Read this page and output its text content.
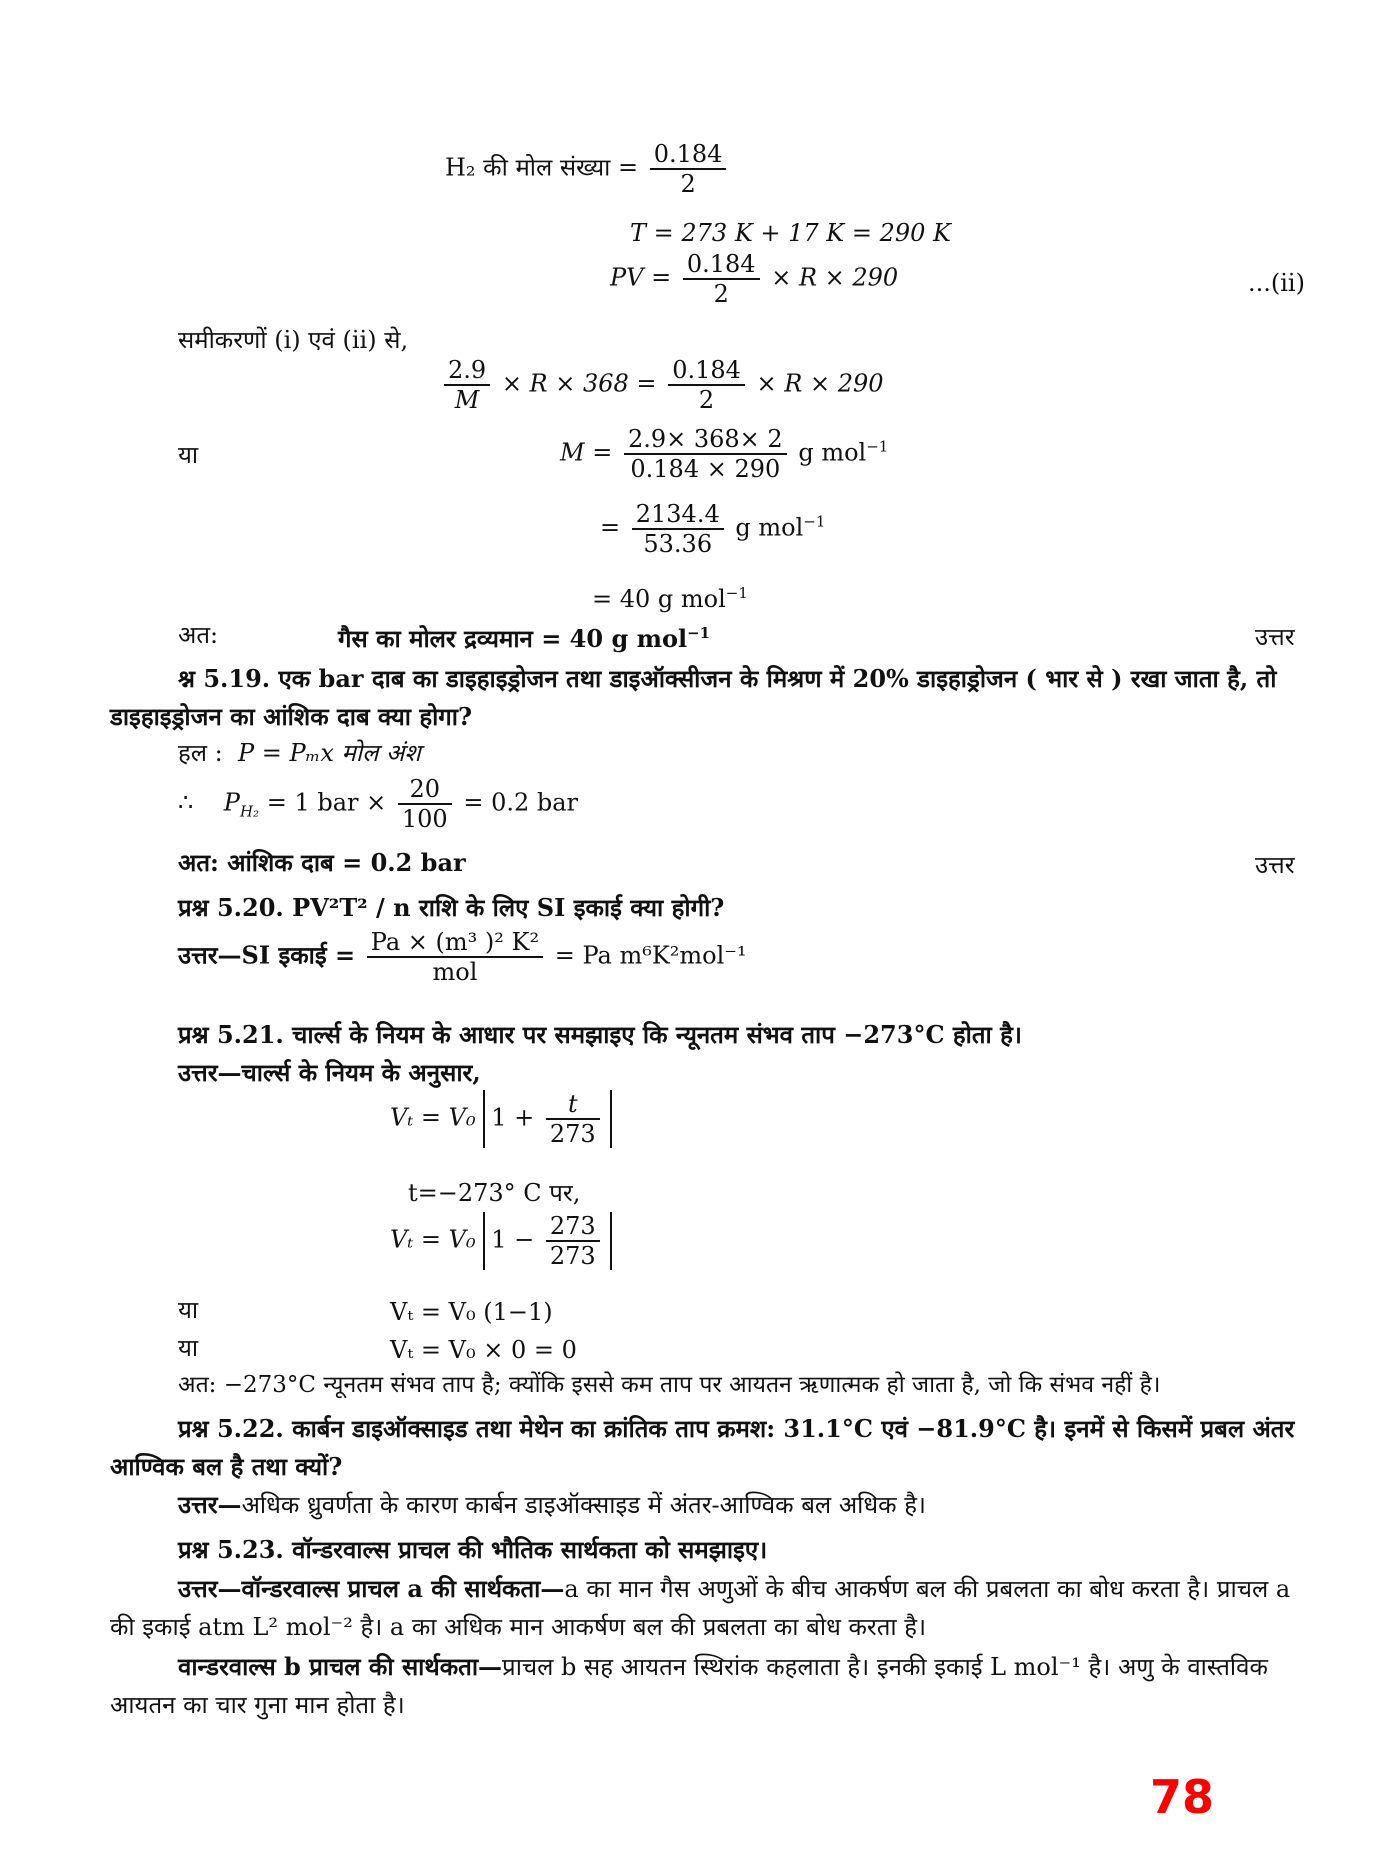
H₂ की मोल संख्या = $\frac{0.184}{2}$
T = 273 K + 17 K = 290 K
PV = $\frac{0.184}{2} \times R \times 290$	...(ii)
समीकरणों (i) एवं (ii) से,
$\frac{2.9}{M} \times R \times 368 = \frac{0.184}{2} \times R \times 290$
या	$M = \frac{2.9\times 368\times 2}{0.184 \times 290}$ g mol$^{-1}$
= $\frac{2134.4}{53.36}$ g mol$^{-1}$
= 40 g mol$^{-1}$
अत:	गैस का मोलर द्रव्यमान = 40 g mol$^{-1}$	उत्तर
श्न 5.19. एक bar दाब का डाइहाइड्रोजन तथा डाइऑक्सीजन के मिश्रण में 20% डाइहाड्रोजन ( भार से ) रखा जाता है, तो डाइहाइड्रोजन का आंशिक दाब क्या होगा?
हल : P = Pₘx मोल अंश
∴ $P_{H_2} = 1$ bar × $\frac{20}{100} = 0.2$ bar
अत: आंशिक दाब = 0.2 bar	उत्तर
प्रश्न 5.20. PV²T² / n राशि के लिए SI इकाई क्या होगी?
उत्तर—SI इकाई = $\frac{\text{Pa × (m³ )² K²}}{\text{mol}} = Pa$ m⁶K²mol⁻¹
प्रश्न 5.21. चार्ल्स के नियम के आधार पर समझाइए कि न्यूनतम संभव ताप −273°C होता है।
उत्तर—चार्ल्स के नियम के अनुसार,
Vₜ = V₀ $1 + \frac{t}{273}$
t=−273° C पर,
Vₜ = V₀ $1 - \frac{273}{273}$
या	Vₜ = V₀ (1−1)
या	Vₜ = V₀ × 0 = 0
अत: −273°C न्यूनतम संभव ताप है; क्योंकि इससे कम ताप पर आयतन ऋणात्मक हो जाता है, जो कि संभव नहीं है।
प्रश्न 5.22. कार्बन डाइऑक्साइड तथा मेथेन का क्रांतिक ताप क्रमश: 31.1°C एवं −81.9°C है। इनमें से किसमें प्रबल अंतर आण्विक बल है तथा क्यों?
उत्तर—अधिक ध्रुवर्णता के कारण कार्बन डाइऑक्साइड में अंतर-आण्विक बल अधिक है।
प्रश्न 5.23. वॉन्डरवाल्स प्राचल की भौतिक सार्थकता को समझाइए।
उत्तर—वॉन्डरवाल्स प्राचल a की सार्थकता—a का मान गैस अणुओं के बीच आकर्षण बल की प्रबलता का बोध करता है। प्राचल a की इकाई atm L² mol⁻² है। a का अधिक मान आकर्षण बल की प्रबलता का बोध करता है।
वान्डरवाल्स b प्राचल की सार्थकता—प्राचल b सह आयतन स्थिरांक कहलाता है। इनकी इकाई L mol⁻¹ है। अणु के वास्तविक आयतन का चार गुना मान होता है।
78
